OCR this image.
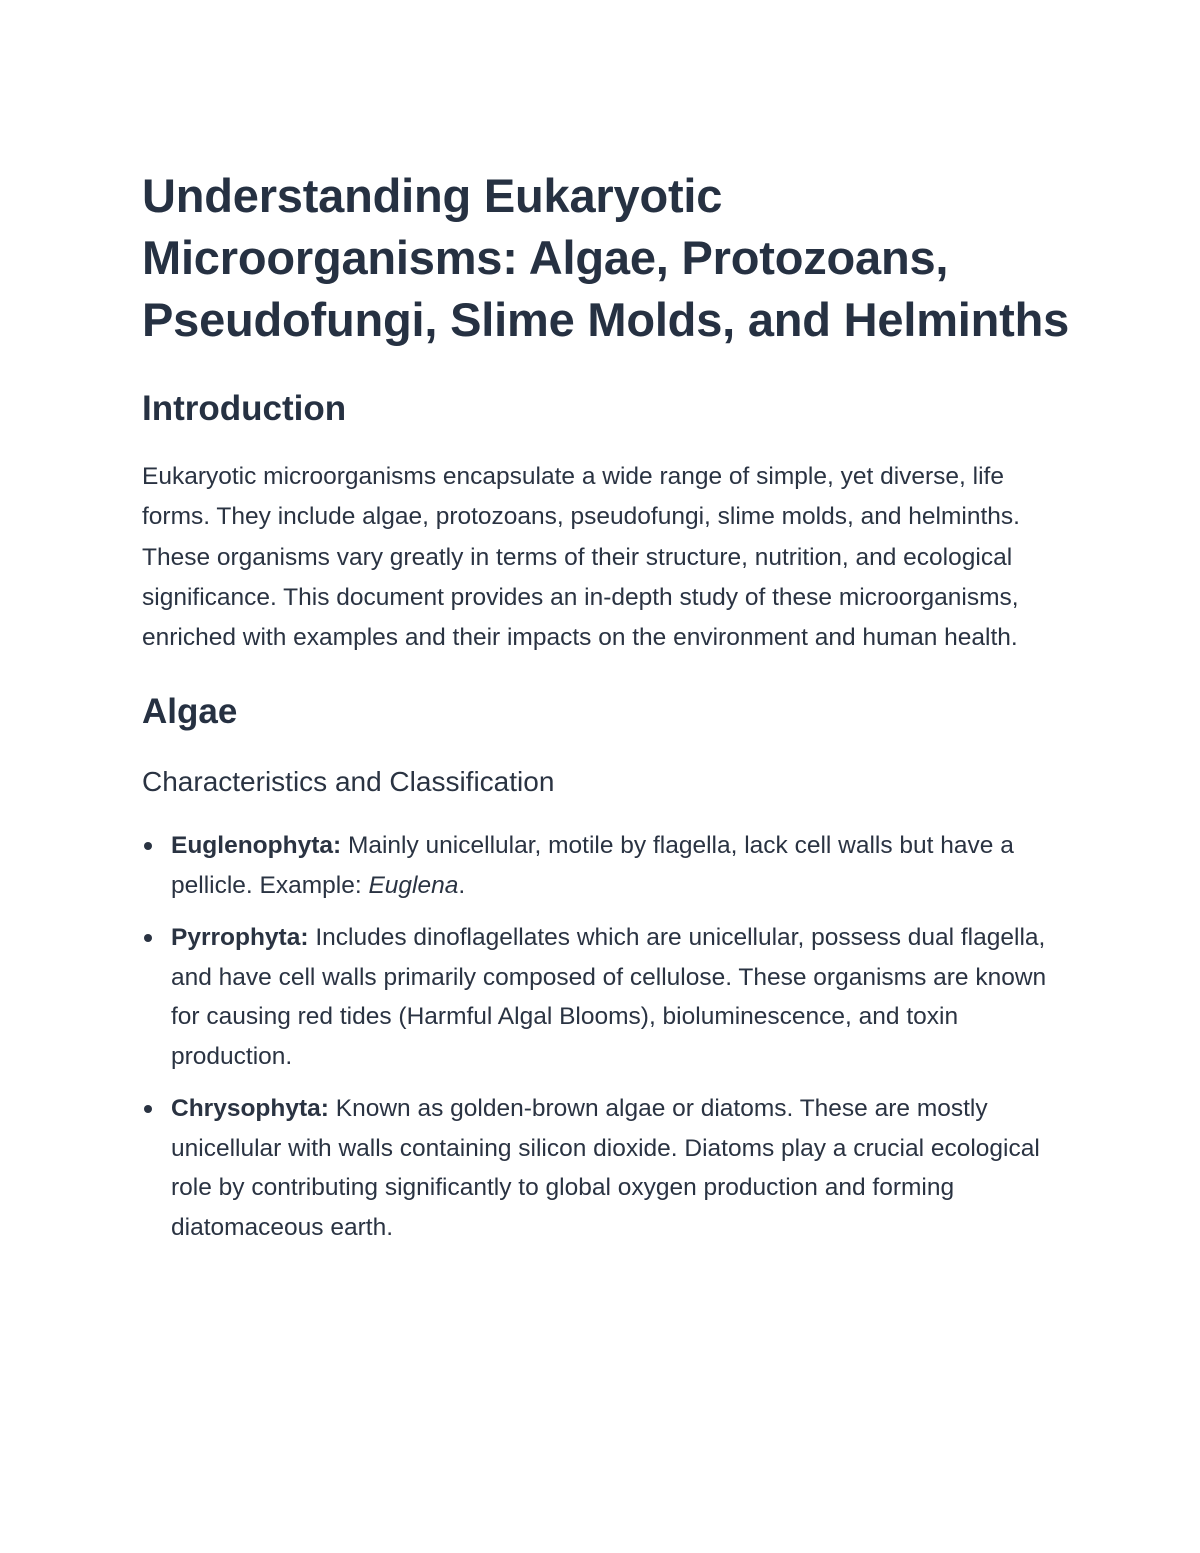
Understanding Eukaryotic Microorganisms: Algae, Protozoans, Pseudofungi, Slime Molds, and Helminths
Introduction

Eukaryotic microorganisms encapsulate a wide range of simple, yet diverse, life forms. They include algae, protozoans, pseudofungi, slime molds, and helminths. These organisms vary greatly in terms of their structure, nutrition, and ecological significance. This document provides an in-depth study of these microorganisms, enriched with examples and their impacts on the environment and human health.

Algae
Characteristics and Classification
Euglenophyta: Mainly unicellular, motile by flagella, lack cell walls but have a pellicle. Example: Euglena.
Pyrrophyta: Includes dinoflagellates which are unicellular, possess dual flagella, and have cell walls primarily composed of cellulose. These organisms are known for causing red tides (Harmful Algal Blooms), bioluminescence, and toxin production.
Chrysophyta: Known as golden-brown algae or diatoms. These are mostly unicellular with walls containing silicon dioxide. Diatoms play a crucial ecological role by contributing significantly to global oxygen production and forming diatomaceous earth.
